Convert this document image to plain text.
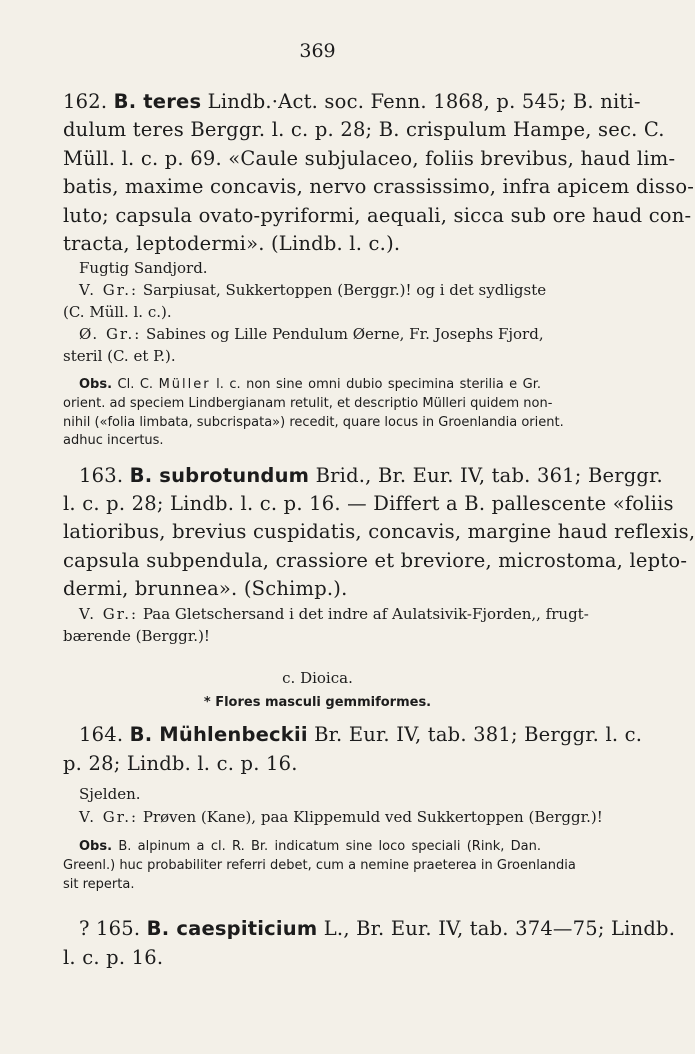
369
162. B. teres Lindb.·Act. soc. Fenn. 1868, p. 545; B. niti-
dulum teres Berggr. l. c. p. 28; B. crispulum Hampe, sec. C.
Müll. l. c. p. 69. «Caule subjulaceo, foliis brevibus, haud lim-
batis, maxime concavis, nervo crassissimo, infra apicem disso-
luto; capsula ovato-pyriformi, aequali, sicca sub ore haud con-
tracta, leptodermi». (Lindb. l. c.).
Fugtig Sandjord.
V. Gr.: Sarpiusat, Sukkertoppen (Berggr.)! og i det sydligste
(C. Müll. l. c.).
Ø. Gr.: Sabines og Lille Pendulum Øerne, Fr. Josephs Fjord,
steril (C. et P.).
Obs. Cl. C. Müller l. c. non sine omni dubio specimina sterilia e Gr.
orient. ad speciem Lindbergianam retulit, et descriptio Mülleri quidem non-
nihil («folia limbata, subcrispata») recedit, quare locus in Groenlandia orient.
adhuc incertus.
163. B. subrotundum Brid., Br. Eur. IV, tab. 361; Berggr.
l. c. p. 28; Lindb. l. c. p. 16. — Differt a B. pallescente «foliis
latioribus, brevius cuspidatis, concavis, margine haud reflexis,
capsula subpendula, crassiore et breviore, microstoma, lepto-
dermi, brunnea». (Schimp.).
V. Gr.: Paa Gletschersand i det indre af Aulatsivik-Fjorden,, frugt-
bærende (Berggr.)!
c. Dioica.
* Flores masculi gemmiformes.
164. B. Mühlenbeckii Br. Eur. IV, tab. 381; Berggr. l. c.
p. 28; Lindb. l. c. p. 16.
Sjelden.
V. Gr.: Prøven (Kane), paa Klippemuld ved Sukkertoppen (Berggr.)!
Obs. B. alpinum a cl. R. Br. indicatum sine loco speciali (Rink, Dan.
Greenl.) huc probabiliter referri debet, cum a nemine praeterea in Groenlandia
sit reperta.
? 165. B. caespiticium L., Br. Eur. IV, tab. 374—75; Lindb.
l. c. p. 16.
